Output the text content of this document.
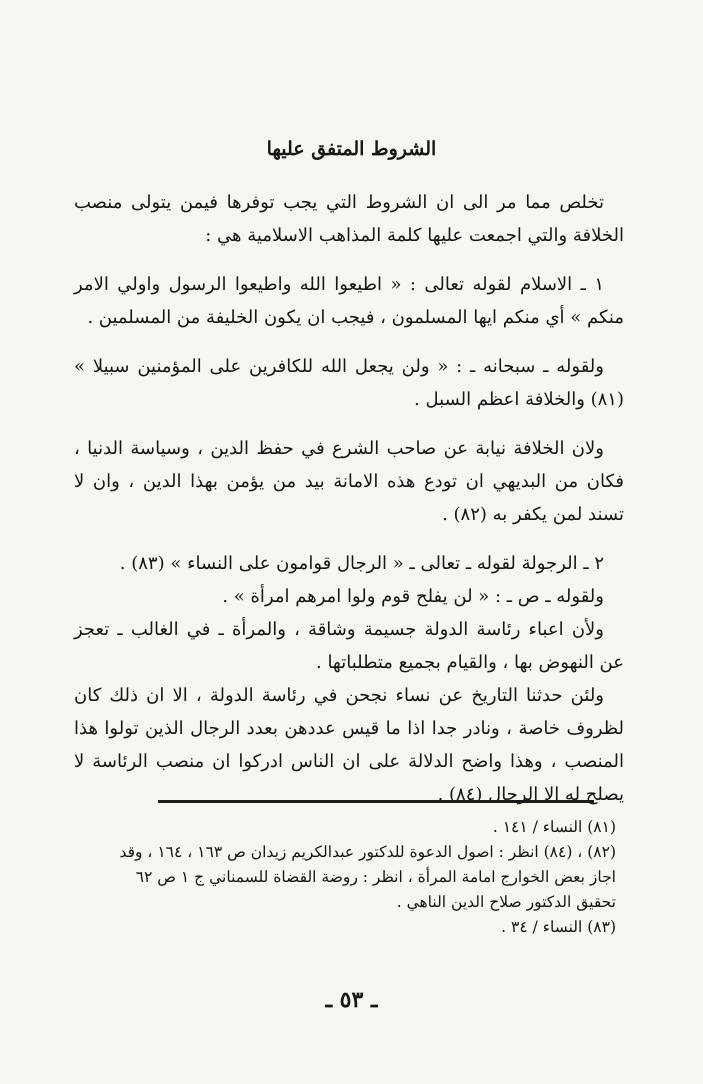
الشروط المتفق عليها

تخلص مما مر الى ان الشروط التي يجب توفرها فيمن يتولى منصب الخلافة والتي اجمعت عليها كلمة المذاهب الاسلامية هي :

١ ـ الاسلام لقوله تعالى : « اطيعوا الله واطيعوا الرسول واولي الامر منكم » أي منكم ايها المسلمون ، فيجب ان يكون الخليفة من المسلمين .

ولقوله ـ سبحانه ـ : « ولن يجعل الله للكافرين على المؤمنين سبيلا » (٨١) والخلافة اعظم السبل .

ولان الخلافة نيابة عن صاحب الشرع في حفظ الدين ، وسياسة الدنيا ، فكان من البديهي ان تودع هذه الامانة بيد من يؤمن بهذا الدين ، وان لا تسند لمن يكفر به (٨٢) .

٢ ـ الرجولة لقوله ـ تعالى ـ « الرجال قوامون على النساء » (٨٣) .

ولقوله ـ ص ـ : « لن يفلح قوم ولوا امرهم امرأة » .

ولأن اعباء رئاسة الدولة جسيمة وشاقة ، والمرأة ـ في الغالب ـ تعجز عن النهوض بها ، والقيام بجميع متطلباتها .

ولئن حدثنا التاريخ عن نساء نجحن في رئاسة الدولة ، الا ان ذلك كان لظروف خاصة ، ونادر جدا اذا ما قيس عددهن بعدد الرجال الذين تولوا هذا المنصب ، وهذا واضح الدلالة على ان الناس ادركوا ان منصب الرئاسة لا يصلح له الا الرجال (٨٤) .

(٨١) النساء / ١٤١ .

(٨٢) ، (٨٤) انظر : اصول الدعوة للدكتور عبدالكريم زيدان ص ١٦٣ ، ١٦٤ ، وقد اجاز بعض الخوارج امامة المرأة ، انظر : روضة القضاة للسمناني ج ١ ص ٦٢ تحقيق الدكتور صلاح الدين الناهي .

(٨٣) النساء / ٣٤ .

ـ ٥٣ ـ
